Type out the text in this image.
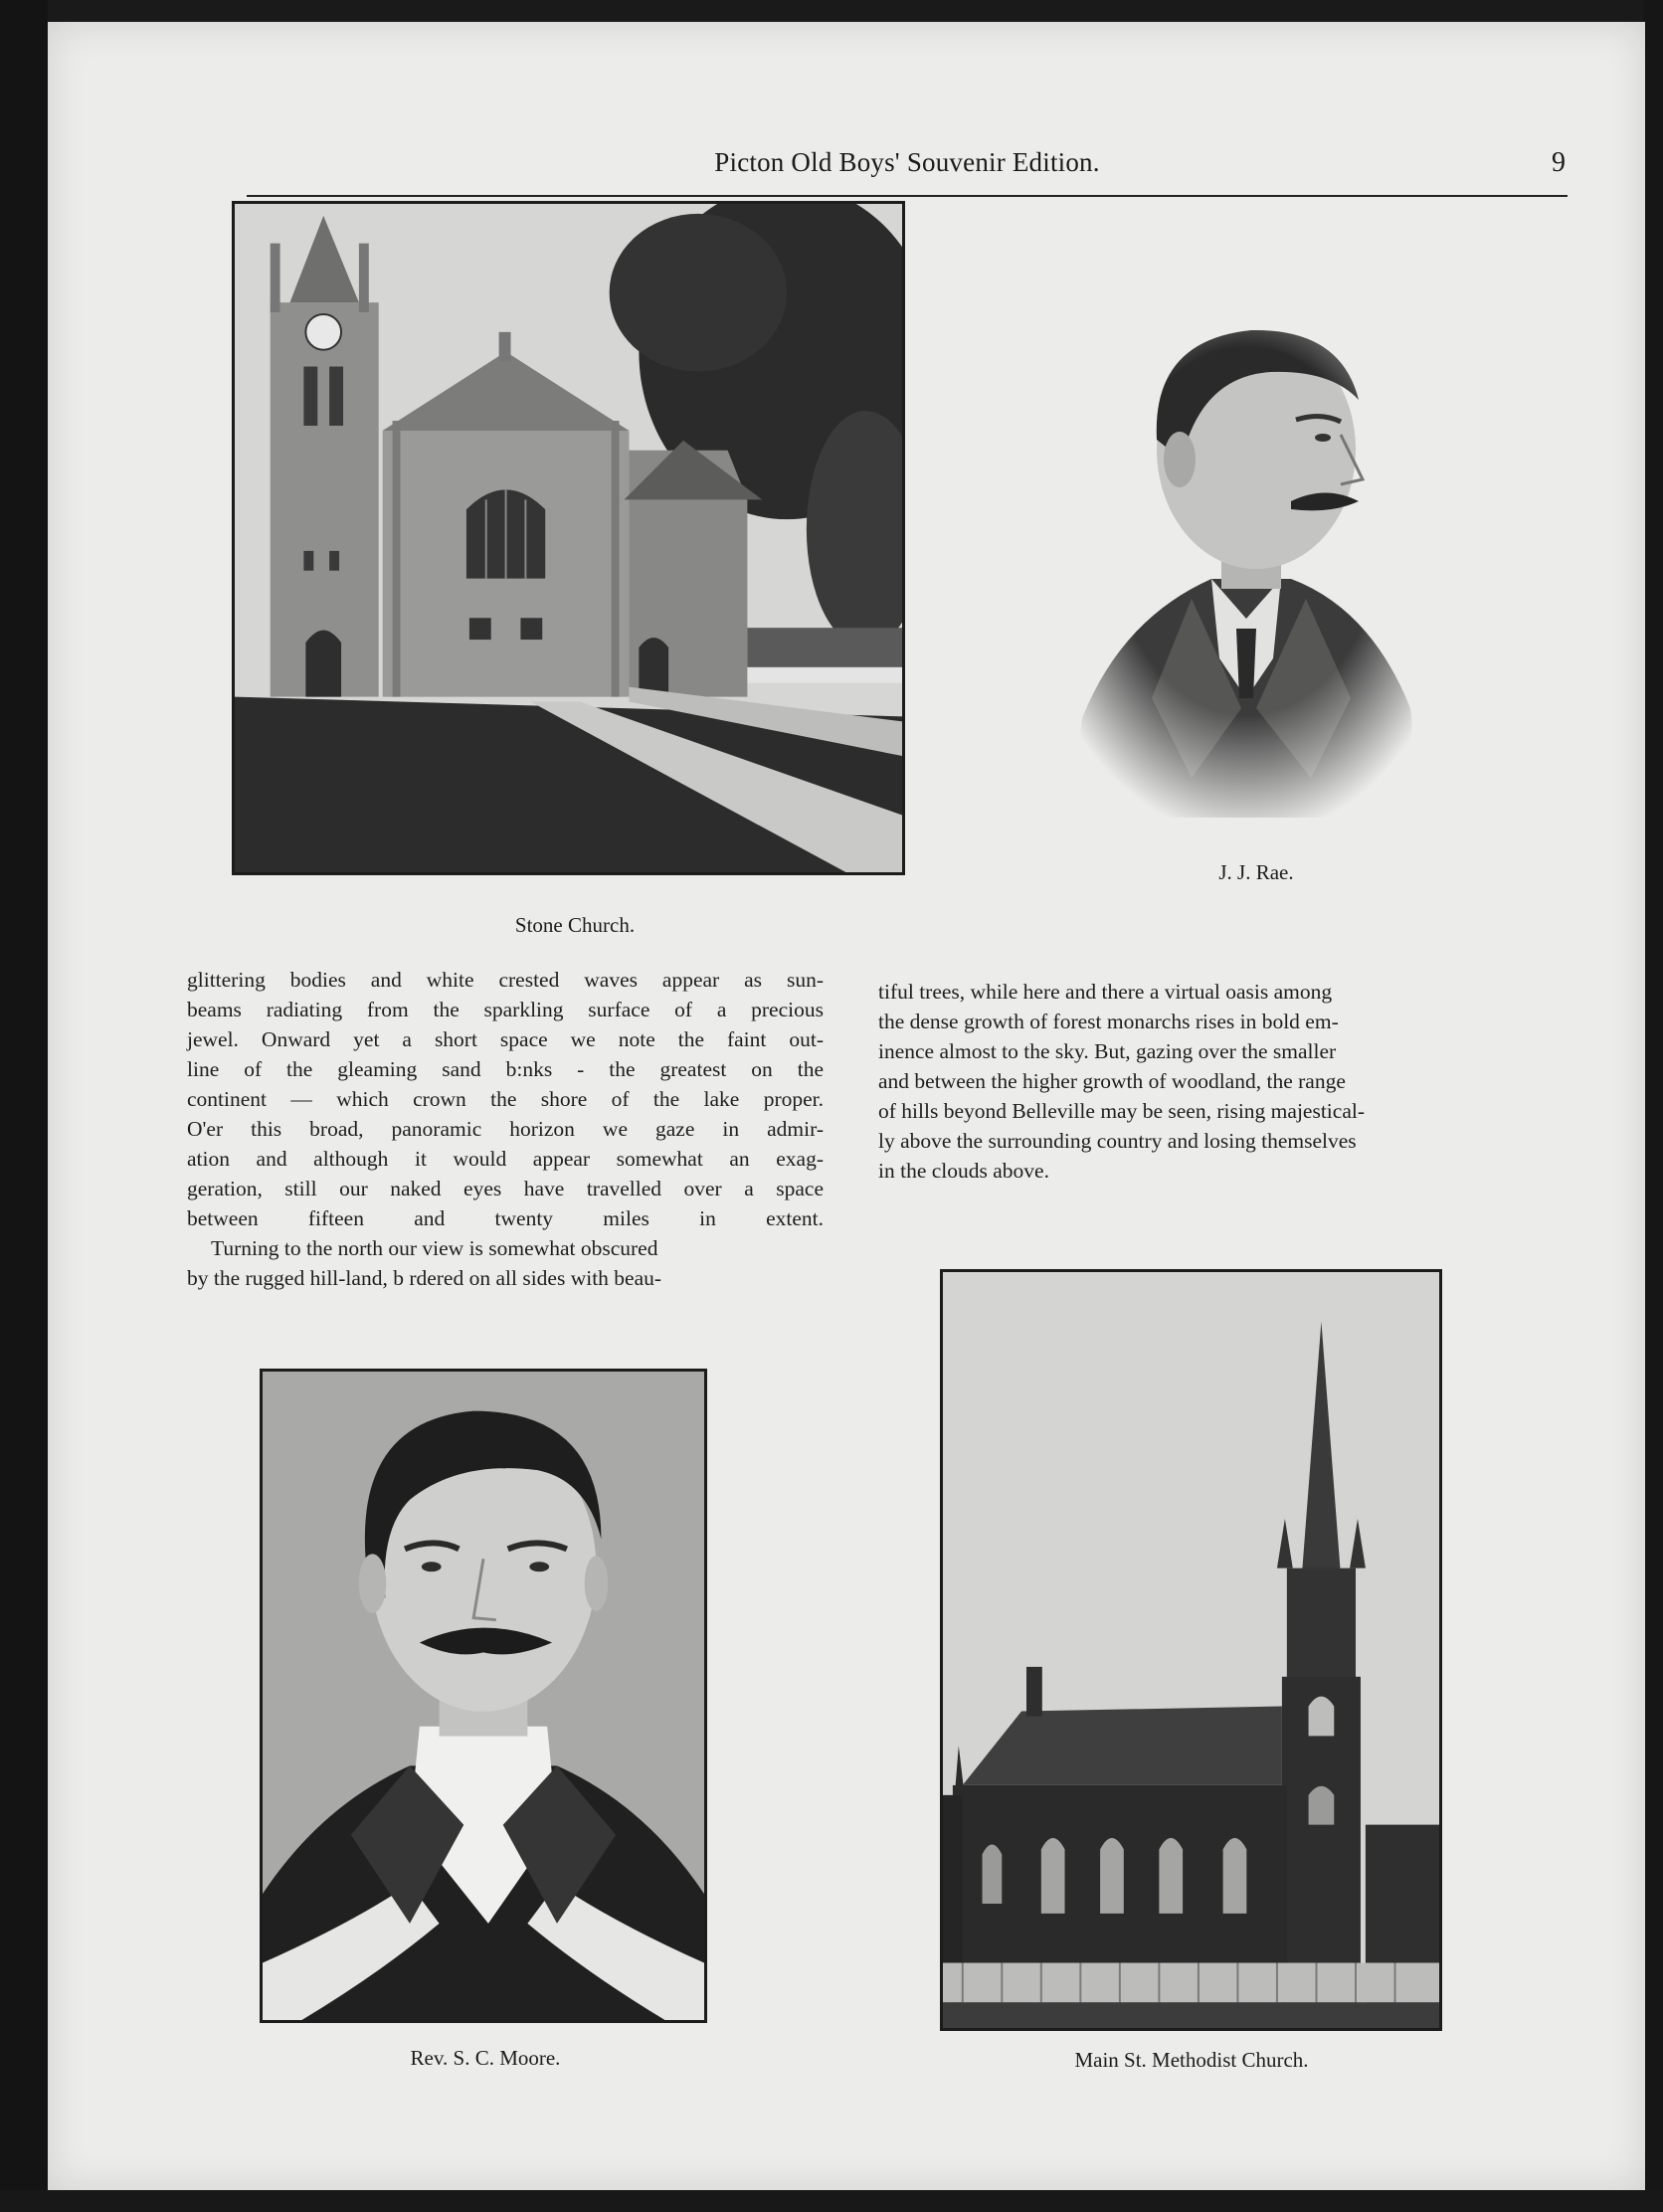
Picton Old Boys' Souvenir Edition.	9
Stone Church.
J. J. Rae.

glittering bodies and white crested waves appear as sun-
beams radiating from the sparkling surface of a precious
jewel. Onward yet a short space we note the faint out-
line of the gleaming sand b:nks - the greatest on the
continent — which crown the shore of the lake proper.
O'er this broad, panoramic horizon we gaze in admir-
ation and although it would appear somewhat an exag-
geration, still our naked eyes have travelled over a space
between fifteen and twenty miles in extent.

Turning to the north our view is somewhat obscured
by the rugged hill-land, b rdered on all sides with beau-

tiful trees, while here and there a virtual oasis among
the dense growth of forest monarchs rises in bold em-
inence almost to the sky. But, gazing over the smaller
and between the higher growth of woodland, the range
of hills beyond Belleville may be seen, rising majestical-
ly above the surrounding country and losing themselves
in the clouds above.

Rev. S. C. Moore.	Main St. Methodist Church.
